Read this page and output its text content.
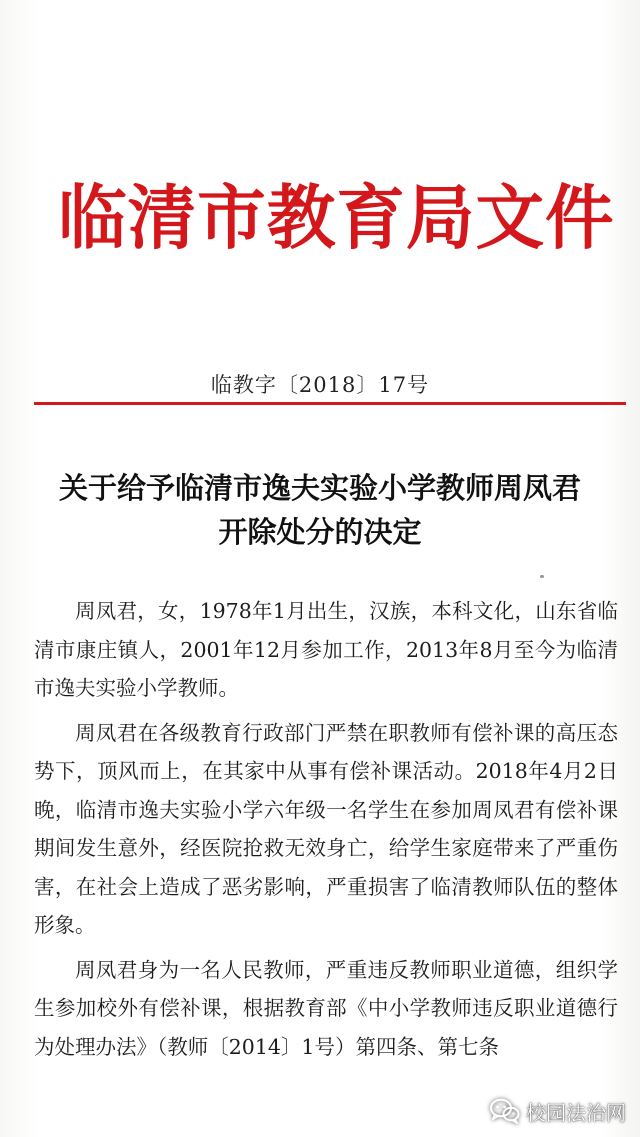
临清市教育局文件
临教字〔2018〕17号
关于给予临清市逸夫实验小学教师周凤君
开除处分的决定

周凤君，女，1978年1月出生，汉族，本科文化，山东省临清市康庄镇人，2001年12月参加工作，2013年8月至今为临清市逸夫实验小学教师。

周凤君在各级教育行政部门严禁在职教师有偿补课的高压态势下，顶风而上，在其家中从事有偿补课活动。2018年4月2日晚，临清市逸夫实验小学六年级一名学生在参加周凤君有偿补课期间发生意外，经医院抢救无效身亡，给学生家庭带来了严重伤害，在社会上造成了恶劣影响，严重损害了临清教师队伍的整体形象。

周凤君身为一名人民教师，严重违反教师职业道德，组织学生参加校外有偿补课，根据教育部《中小学教师违反职业道德行为处理办法》（教师〔2014〕1号）第四条、第七条

校园法治网
